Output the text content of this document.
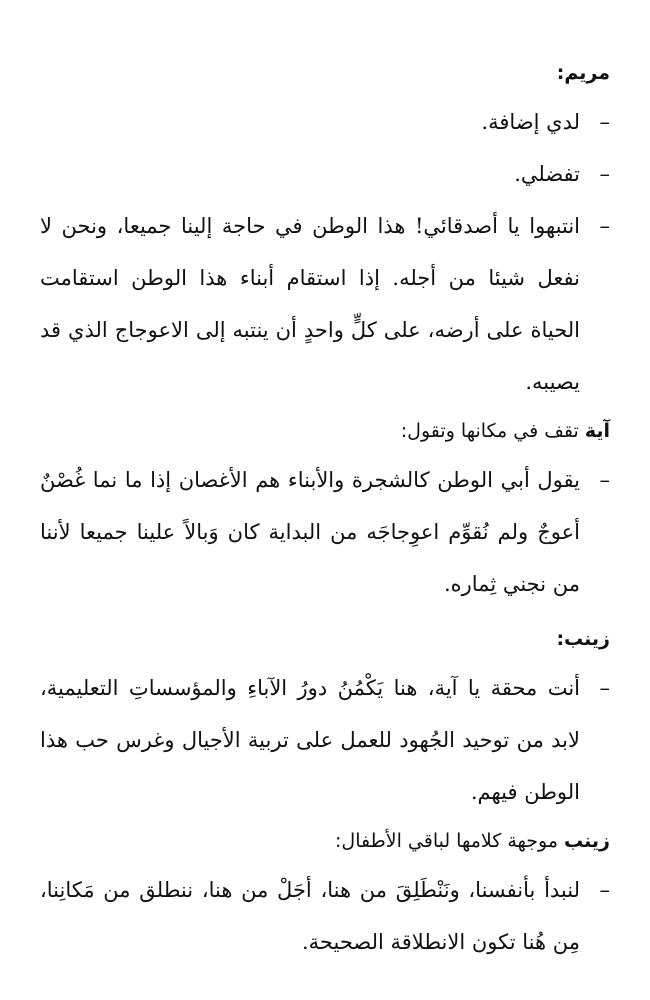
مريم:

–
لدي إضافة.

–
تفضلي.

–
انتبهوا يا أصدقائي! هذا الوطن في حاجة إلينا جميعا، ونحن لا نفعل شيئا من أجله. إذا استقام أبناء هذا الوطن استقامت الحياة على أرضه، على كلٍّ واحدٍ أن ينتبه إلى الاعوجاج الذي قد يصيبه.

آية تقف في مكانها وتقول:

–
يقول أبي الوطن كالشجرة والأبناء هم الأغصان إذا ما نما غُصْنٌ أعوجٌ ولم نُقوِّم اعوِجاجَه من البداية كان وَبالاً علينا جميعا لأننا من نجني ثِماره.

زينب:

–
أنت محقة يا آية، هنا يَكْمُنُ دورُ الآباءِ والمؤسساتِ التعليمية، لابد من توحيد الجُهود للعمل على تربية الأجيال وغرس حب هذا الوطن فيهم.

زينب موجهة كلامها لباقي الأطفال:

–
لنبدأ بأنفسنا، ونَنْطَلِقَ من هنا، أجَلْ من هنا، ننطلق من مَكانِنا، مِن هُنا تكون الانطلاقة الصحيحة.
